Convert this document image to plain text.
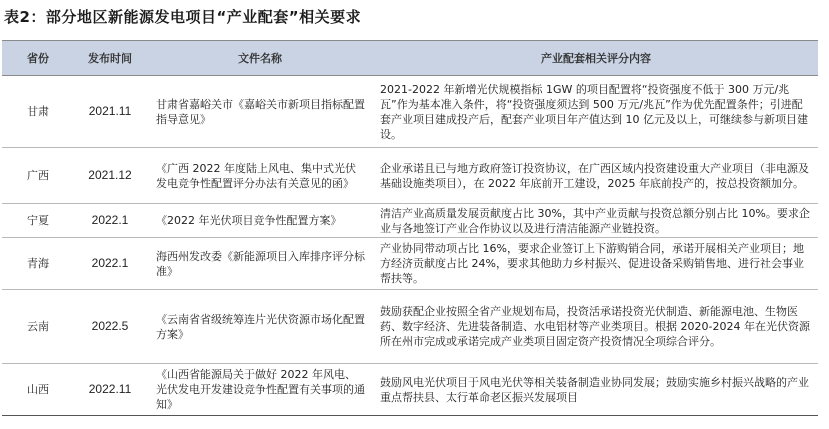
表2：部分地区新能源发电项目“产业配套”相关要求
省份	发布时间	文件名称	产业配套相关评分内容
甘肃	2021.11	甘肃省嘉峪关市《嘉峪关市新项目指标配置指导意见》	2021-2022 年新增光伏规模指标 1GW 的项目配置将“投资强度不低于 300 万元/兆瓦”作为基本准入条件，将“投资强度须达到 500 万元/兆瓦”作为优先配置条件；引进配套产业项目建成投产后，配套产业项目年产值达到 10 亿元及以上，可继续参与新项目建设。
广西	2021.12	《广西 2022 年度陆上风电、集中式光伏发电竞争性配置评分办法有关意见的函》	企业承诺且已与地方政府签订投资协议，在广西区域内投资建设重大产业项目（非电源及基础设施类项目），在 2022 年底前开工建设，2025 年底前投产的，按总投资额加分。
宁夏	2022.1	《2022 年光伏项目竞争性配置方案》	清洁产业高质量发展贡献度占比 30%，其中产业贡献与投资总额分别占比 10%。要求企业与各地签订产业合作协议以及进行清洁能源产业链投资。
青海	2022.1	海西州发改委《新能源项目入库排序评分标准》	产业协同带动项占比 16%，要求企业签订上下游购销合同，承诺开展相关产业项目；地方经济贡献度占比 24%，要求其他助力乡村振兴、促进设备采购销售地、进行社会事业帮扶等。
云南	2022.5	《云南省省级统筹连片光伏资源市场化配置方案》	鼓励获配企业按照全省产业规划布局，投资活承诺投资光伏制造、新能源电池、生物医药、数字经济、先进装备制造、水电铝材等产业类项目。根据 2020-2024 年在光伏资源所在州市完成或承诺完成产业类项目固定资产投资情况全项综合评分。
山西	2022.11	《山西省能源局关于做好 2022 年风电、光伏发电开发建设竞争性配置有关事项的通知》	鼓励风电光伏项目于风电光伏等相关装备制造业协同发展；鼓励实施乡村振兴战略的产业重点帮扶县、太行革命老区振兴发展项目
